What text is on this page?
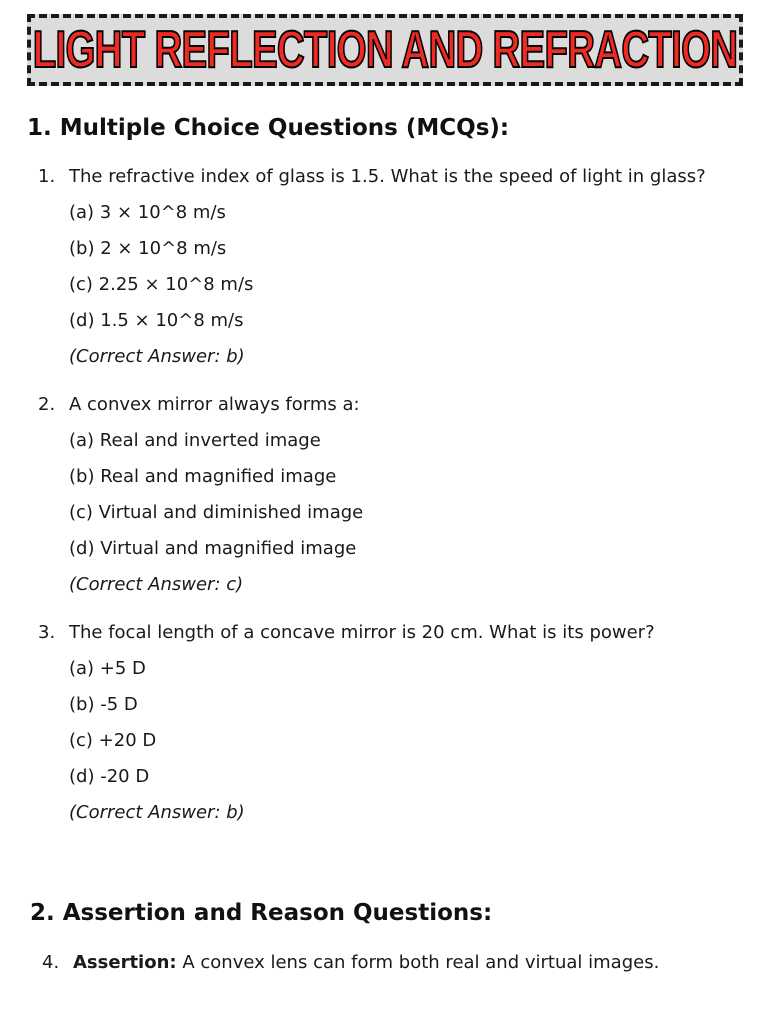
LIGHT REFLECTION AND REFRACTION
1. Multiple Choice Questions (MCQs):
1. The refractive index of glass is 1.5. What is the speed of light in glass?
(a) 3 × 10^8 m/s
(b) 2 × 10^8 m/s
(c) 2.25 × 10^8 m/s
(d) 1.5 × 10^8 m/s
(Correct Answer: b)
2. A convex mirror always forms a:
(a) Real and inverted image
(b) Real and magnified image
(c) Virtual and diminished image
(d) Virtual and magnified image
(Correct Answer: c)
3. The focal length of a concave mirror is 20 cm. What is its power?
(a) +5 D
(b) -5 D
(c) +20 D
(d) -20 D
(Correct Answer: b)
2. Assertion and Reason Questions:
4. Assertion: A convex lens can form both real and virtual images.
